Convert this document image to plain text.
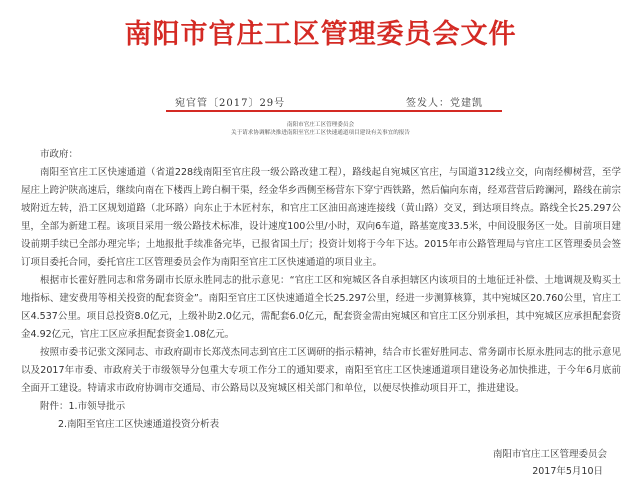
南阳市官庄工区管理委员会文件
宛官管〔2017〕29号	签发人：党建凯
南阳市官庄工区管理委员会
关于请求协调解决推进南阳至官庄工区快速通道项目建设有关事宜的报告

市政府：

南阳至官庄工区快速通道（省道228线南阳至官庄段一级公路改建工程），路线起自宛城区官庄，与国道312线立交，向南经柳树营，至学屋庄上跨沪陕高速后，继续向南在下楼西上跨白桐干渠，经金华乡西侧至杨营东下穿宁西铁路，然后偏向东南，经邓营营后跨澜河，路线在前宗坡附近左转，沿工区规划道路（北环路）向东止于木匠村东，和官庄工区油田高速连接线（黄山路）交叉，到达项目终点。路线全长25.297公里，全部为新建工程。该项目采用一级公路技术标准，设计速度100公里/小时，双向6车道，路基宽度33.5米，中间设服务区一处。目前项目建设前期手续已全部办理完毕；土地报批手续准备完毕，已报省国土厅；投资计划将于今年下达。2015年市公路管理局与官庄工区管理委员会签订项目委托合同，委托官庄工区管理委员会作为南阳至官庄工区快速通道的项目业主。

根据市长霍好胜同志和常务副市长原永胜同志的批示意见：“官庄工区和宛城区各自承担辖区内该项目的土地征迁补偿、土地调规及购买土地指标、建安费用等相关投资的配套资金”。南阳至官庄工区快速通道全长25.297公里，经进一步测算核算，其中宛城区20.760公里，官庄工区4.537公里。项目总投资8.0亿元，上级补助2.0亿元，需配套6.0亿元，配套资金需由宛城区和官庄工区分别承担，其中宛城区应承担配套资金4.92亿元，官庄工区应承担配套资金1.08亿元。

按照市委书记张文深同志、市政府副市长郑茂杰同志到官庄工区调研的指示精神，结合市长霍好胜同志、常务副市长原永胜同志的批示意见以及2017年市委、市政府关于市级领导分包重大专项工作分工的通知要求，南阳至官庄工区快速通道项目建设务必加快推进，于今年6月底前全面开工建设。特请求市政府协调市交通局、市公路局以及宛城区相关部门和单位，以便尽快推动项目开工，推进建设。

附件：1.市领导批示

2.南阳至官庄工区快速通道投资分析表

南阳市官庄工区管理委员会
2017年5月10日
